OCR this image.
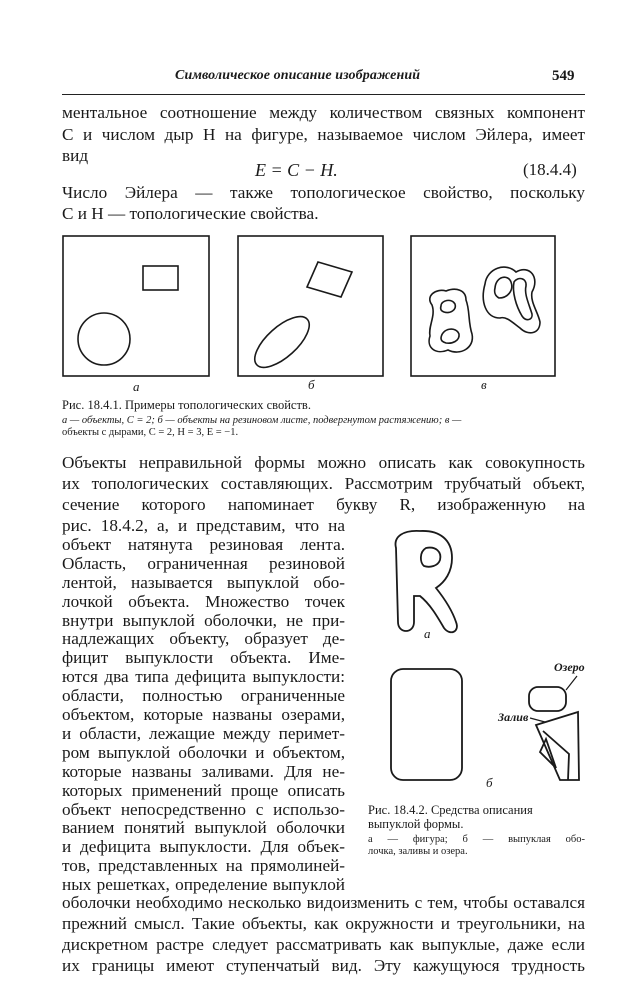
Символическое описание изображений	549
ментальное соотношение между количеством связных компонент
C и числом дыр H на фигуре, называемое числом Эйлера, имеет
вид
E = C − H.	(18.4.4)
Число Эйлера — также топологическое свойство, поскольку
C и H — топологические свойства.
а	б	в
Рис. 18.4.1. Примеры топологических свойств.
а — объекты, C = 2; б — объекты на резиновом листе, подвергнутом растяжению; в —
объекты с дырами, C = 2, H = 3, E = −1.
Объекты неправильной формы можно описать как совокупность
их топологических составляющих. Рассмотрим трубчатый объект,
сечение которого напоминает букву R, изображенную на
рис. 18.4.2, а, и представим, что на
объект натянута резиновая лента.
Область, ограниченная резиновой
лентой, называется выпуклой обо-
лочкой объекта. Множество точек
внутри выпуклой оболочки, не при-
надлежащих объекту, образует де-
фицит выпуклости объекта. Име-
ются два типа дефицита выпуклости:
области, полностью ограниченные
объектом, которые названы озерами,
и области, лежащие между перимет-
ром выпуклой оболочки и объектом,
которые названы заливами. Для не-
которых применений проще описать
объект непосредственно с использо-
ванием понятий выпуклой оболочки
и дефицита выпуклости. Для объек-
тов, представленных на прямолиней-
ных решетках, определение выпуклой
а
б
Озеро
Залив
Рис. 18.4.2. Средства описания
выпуклой формы.
а — фигура; б — выпуклая обо-
лочка, заливы и озера.
оболочки необходимо несколько видоизменить с тем, чтобы оставался
прежний смысл. Такие объекты, как окружности и треугольники, на
дискретном растре следует рассматривать как выпуклые, даже если
их границы имеют ступенчатый вид. Эту кажущуюся трудность
